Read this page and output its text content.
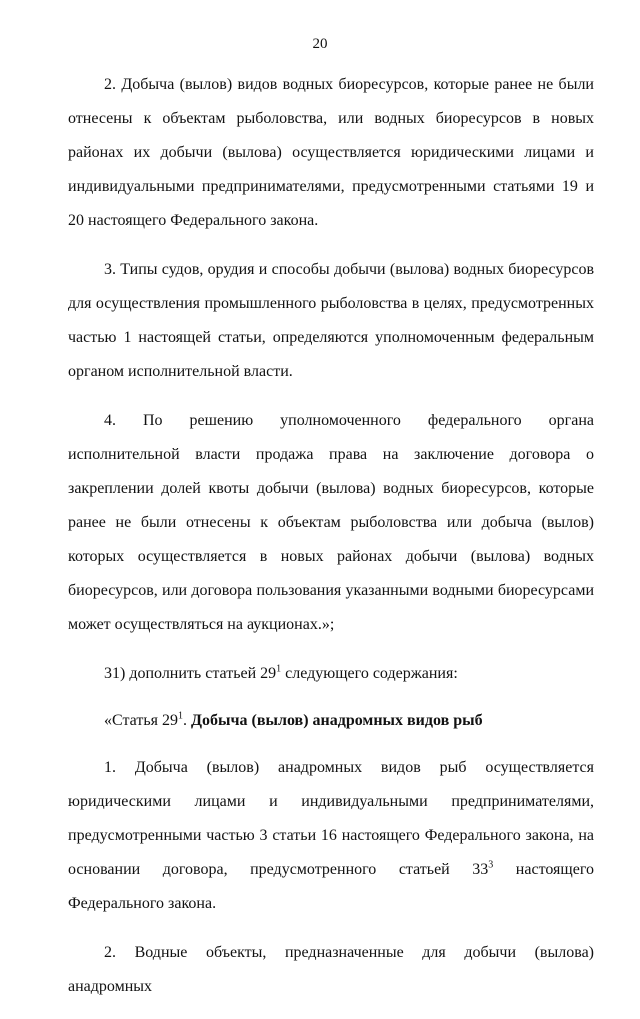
20

2. Добыча (вылов) видов водных биоресурсов, которые ранее не были отнесены к объектам рыболовства, или водных биоресурсов в новых районах их добычи (вылова) осуществляется юридическими лицами и индивидуальными предпринимателями, предусмотренными статьями 19 и 20 настоящего Федерального закона.

3. Типы судов, орудия и способы добычи (вылова) водных биоресурсов для осуществления промышленного рыболовства в целях, предусмотренных частью 1 настоящей статьи, определяются уполномоченным федеральным органом исполнительной власти.

4. По решению уполномоченного федерального органа исполнительной власти продажа права на заключение договора о закреплении долей квоты добычи (вылова) водных биоресурсов, которые ранее не были отнесены к объектам рыболовства или добыча (вылов) которых осуществляется в новых районах добычи (вылова) водных биоресурсов, или договора пользования указанными водными биоресурсами может осуществляться на аукционах.»;

31) дополнить статьей $29^1$ следующего содержания:

«Статья $29^1$. Добыча (вылов) анадромных видов рыб

1. Добыча (вылов) анадромных видов рыб осуществляется юридическими лицами и индивидуальными предпринимателями, предусмотренными частью 3 статьи 16 настоящего Федерального закона, на основании договора, предусмотренного статьей $33^3$ настоящего Федерального закона.

2. Водные объекты, предназначенные для добычи (вылова) анадромных
